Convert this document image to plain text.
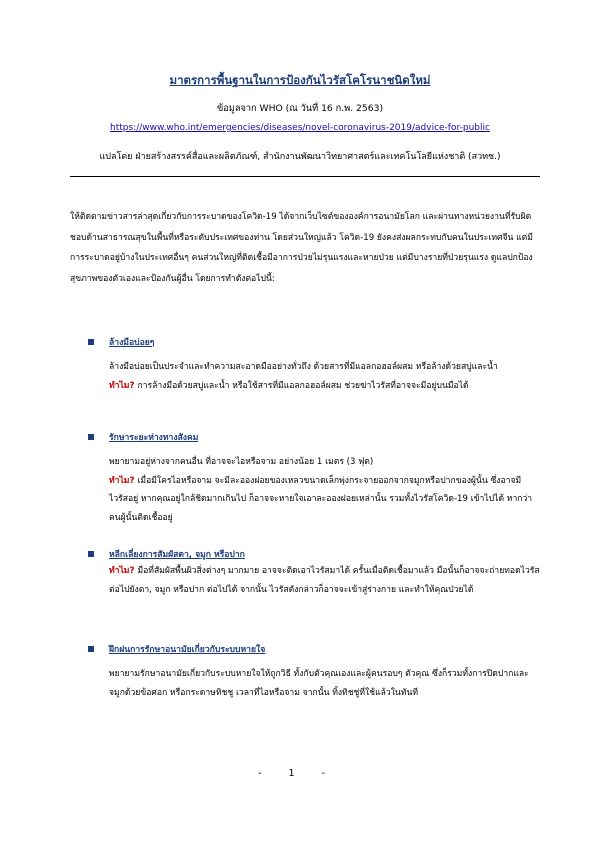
มาตรการพื้นฐานในการป้องกันไวรัสโคโรนาชนิดใหม่
ข้อมูลจาก WHO (ณ วันที่ 16 ก.พ. 2563)
https://www.who.int/emergencies/diseases/novel-coronavirus-2019/advice-for-public
แปลโดย ฝ่ายสร้างสรรค์สื่อและผลิตภัณฑ์, สำนักงานพัฒนาวิทยาศาสตร์และเทคโนโลยีแห่งชาติ (สวทช.)
ให้ติดตามข่าวสารล่าสุดเกี่ยวกับการระบาดของโควิด-19 ได้จากเว็บไซต์ขององค์การอนามัยโลก และผ่านทางหน่วยงานที่รับผิดชอบด้านสาธารณสุขในพื้นที่หรือระดับประเทศของท่าน โดยส่วนใหญ่แล้ว โควิด-19 ยังคงส่งผลกระทบกับคนในประเทศจีน แต่มีการระบาดอยู่บ้างในประเทศอื่นๆ คนส่วนใหญ่ที่ติดเชื้อมีอาการป่วยไม่รุนแรงและหายป่วย แต่มีบางรายที่ป่วยรุนแรง ดูแลปกป้องสุขภาพของตัวเองและป้องกันผู้อื่น โดยการทำดังต่อไปนี้:
ล้างมือบ่อยๆ
ล้างมือบ่อยเป็นประจำและทำความสะอาดมืออย่างทั่วถึง ด้วยสารที่มีแอลกอฮอล์ผสม หรือล้างด้วยสบู่และน้ำ
ทำไม? การล้างมือด้วยสบู่และน้ำ หรือใช้สารที่มีแอลกอฮอล์ผสม ช่วยฆ่าไวรัสที่อาจจะมีอยู่บนมือได้
รักษาระยะห่างทางสังคม
พยายามอยู่ห่างจากคนอื่น ที่อาจจะไอหรือจาม อย่างน้อย 1 เมตร (3 ฟุต)
ทำไม? เมื่อมีใครไอหรือจาม จะมีละอองฝอยของเหลวขนาดเล็กพุ่งกระจายออกจากจมูกหรือปากของผู้นั้น ซึ่งอาจมีไวรัสอยู่ หากคุณอยู่ใกล้ชิดมากเกินไป ก็อาจจะหายใจเอาละอองฝอยเหล่านั้น รวมทั้งไวรัสโควิด-19 เข้าไปได้ หากว่าคนผู้นั้นติดเชื้ออยู่
หลีกเลี่ยงการสัมผัสตา, จมูก หรือปาก
ทำไม? มือที่สัมผัสพื้นผิวสิ่งต่างๆ มากมาย อาจจะติดเอาไวรัสมาได้ ครั้นเมื่อติดเชื้อมาแล้ว มือนั้นก็อาจจะถ่ายทอดไวรัสต่อไปยังตา, จมูก หรือปาก ต่อไปได้ จากนั้น ไวรัสดังกล่าวก็อาจจะเข้าสู่ร่างกาย และทำให้คุณป่วยได้
ฝึกฝนการรักษาอนามัยเกี่ยวกับระบบหายใจ
พยายามรักษาอนามัยเกี่ยวกับระบบหายใจให้ถูกวิธี ทั้งกับตัวคุณเองและผู้คนรอบๆ ตัวคุณ ซึ่งก็รวมทั้งการปิดปากและจมูกด้วยข้อศอก หรือกระดาษทิชชู เวลาที่ไอหรือจาม จากนั้น ทิ้งทิชชู่ที่ใช้แล้วในทันที
- 1 -
